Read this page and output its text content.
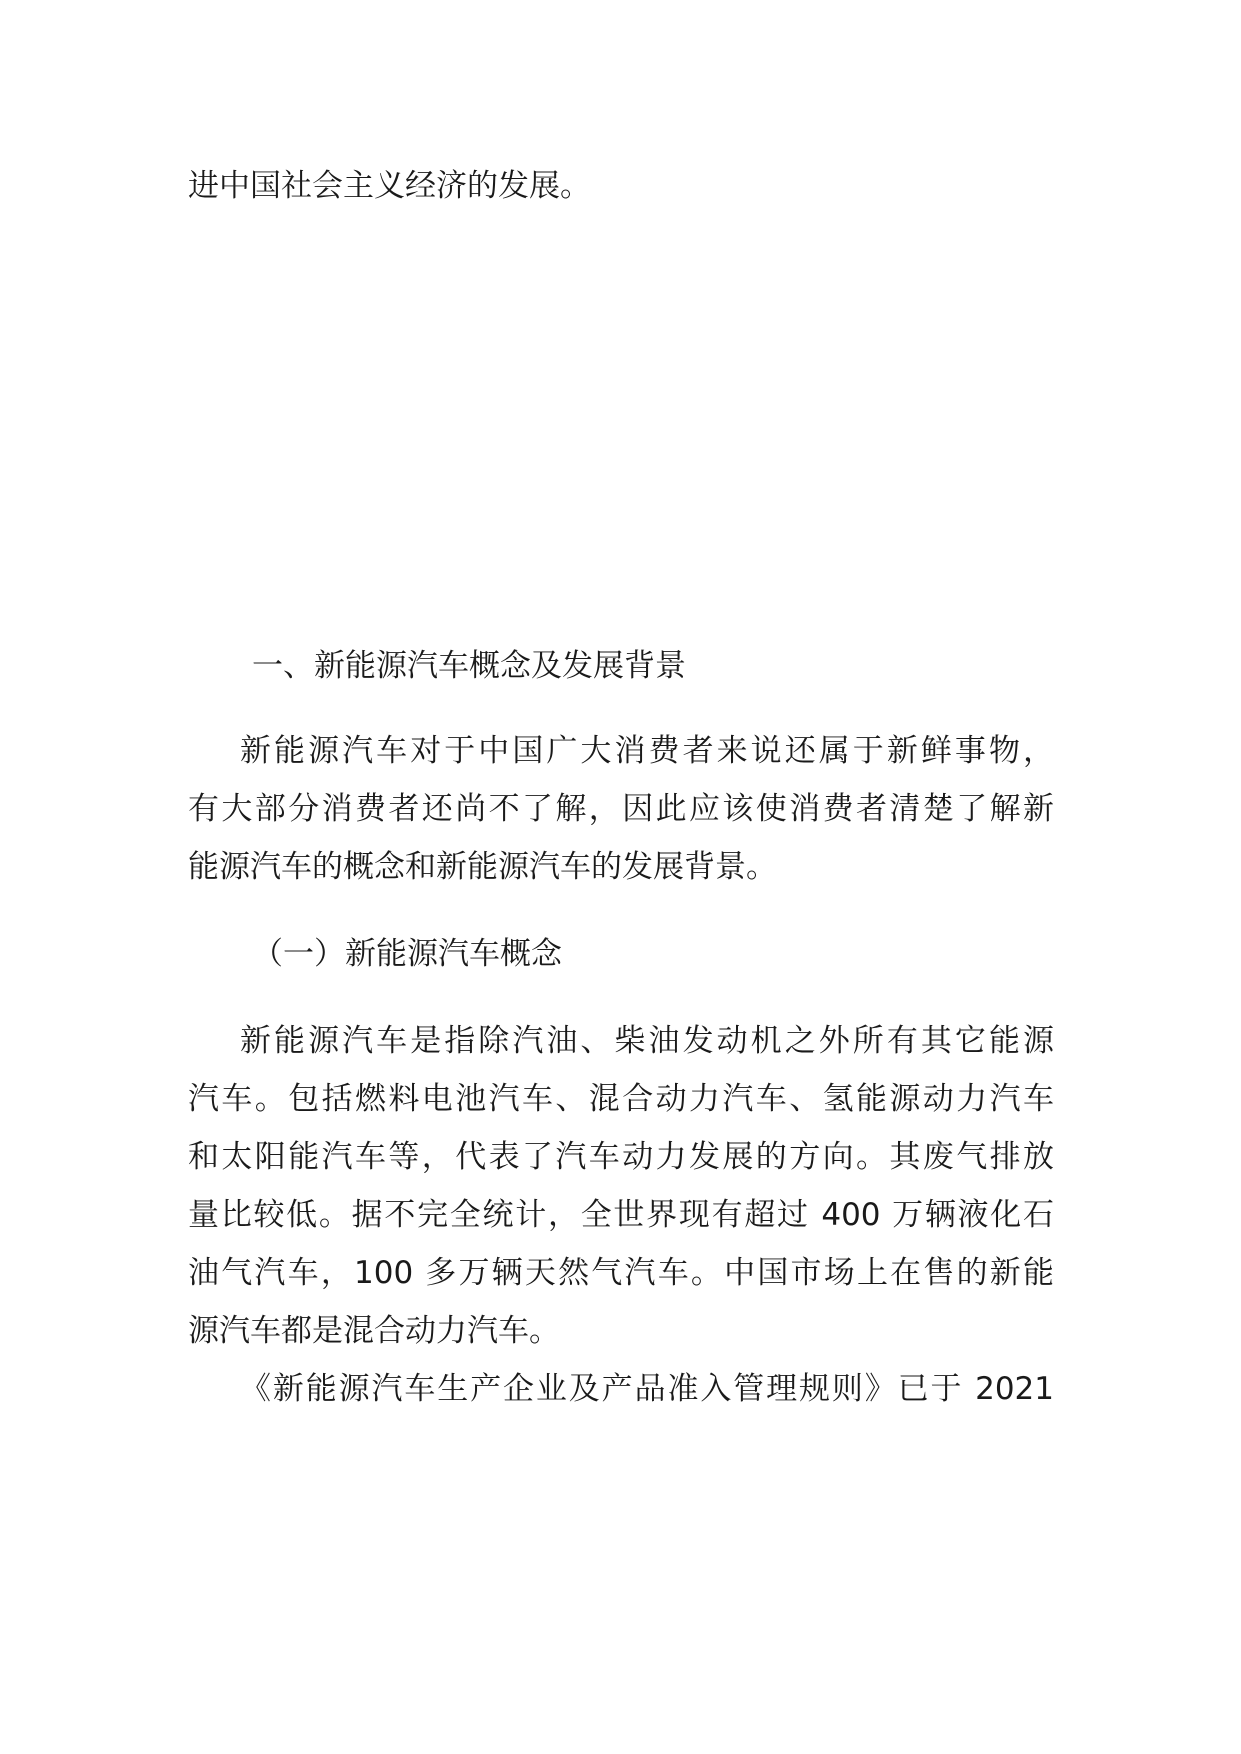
进中国社会主义经济的发展。
一、新能源汽车概念及发展背景
新能源汽车对于中国广大消费者来说还属于新鲜事物，
有大部分消费者还尚不了解，因此应该使消费者清楚了解新
能源汽车的概念和新能源汽车的发展背景。
（一）新能源汽车概念
新能源汽车是指除汽油、柴油发动机之外所有其它能源
汽车。包括燃料电池汽车、混合动力汽车、氢能源动力汽车
和太阳能汽车等，代表了汽车动力发展的方向。其废气排放
量比较低。据不完全统计，全世界现有超过 400 万辆液化石
油气汽车，100 多万辆天然气汽车。中国市场上在售的新能
源汽车都是混合动力汽车。
《新能源汽车生产企业及产品准入管理规则》已于 2021
